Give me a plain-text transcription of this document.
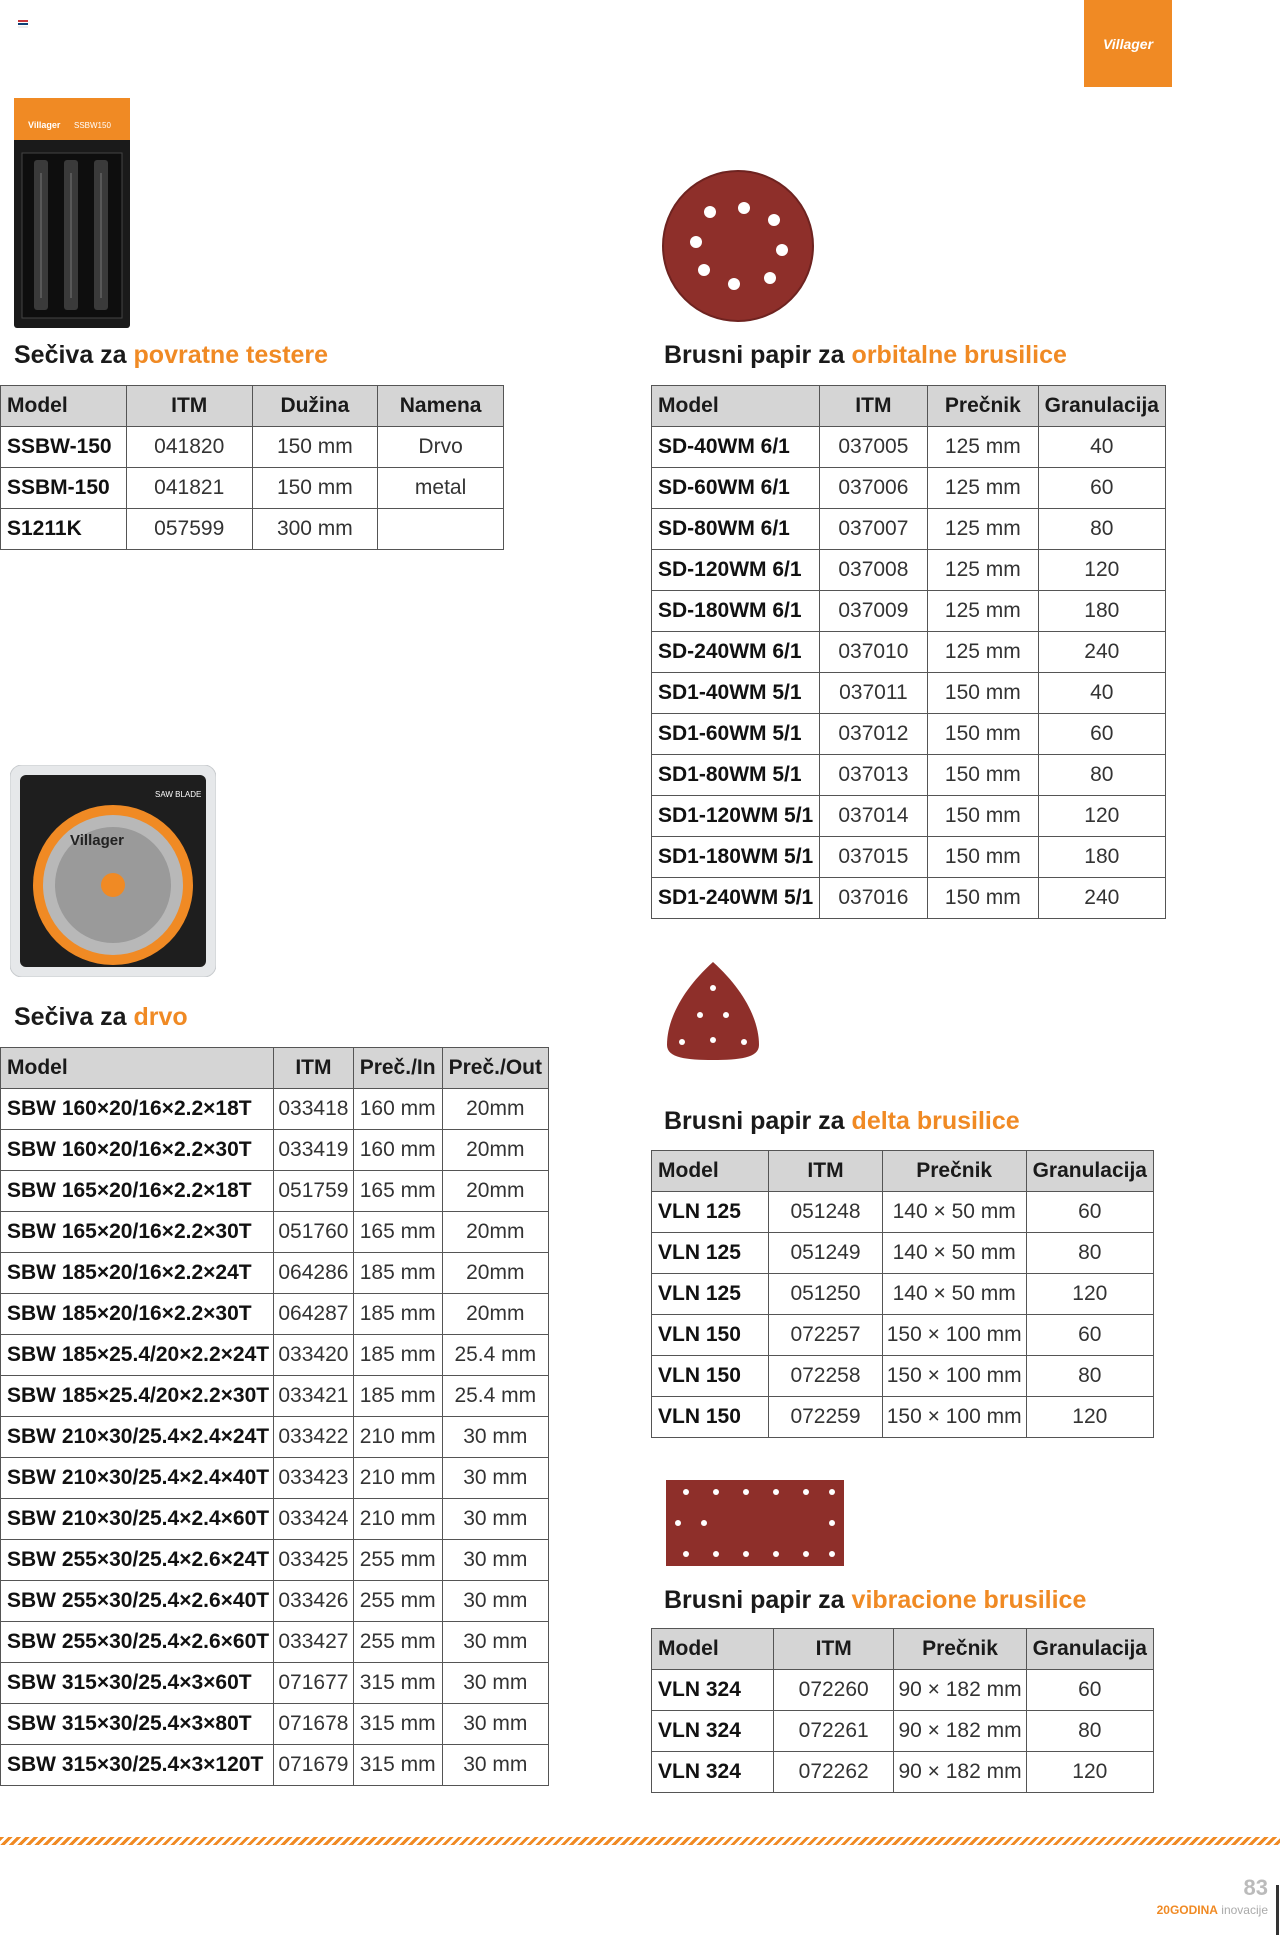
Villager
Villager SSBW150
Villager
SAW BLADE
Sečiva za povratne testere	Brusni papir za orbitalne brusilice
Sečiva za drvo
Brusni papir za delta brusilice
Brusni papir za vibracione brusilice
Model	ITM	Dužina	Namena
SSBW-150	041820	150 mm	Drvo
SSBM-150	041821	150 mm	metal
S1211K	057599	300 mm	
Model	ITM	Prečnik	Granulacija
SD-40WM 6/1	037005	125 mm	40
SD-60WM 6/1	037006	125 mm	60
SD-80WM 6/1	037007	125 mm	80
SD-120WM 6/1	037008	125 mm	120
SD-180WM 6/1	037009	125 mm	180
SD-240WM 6/1	037010	125 mm	240
SD1-40WM 5/1	037011	150 mm	40
SD1-60WM 5/1	037012	150 mm	60
SD1-80WM 5/1	037013	150 mm	80
SD1-120WM 5/1	037014	150 mm	120
SD1-180WM 5/1	037015	150 mm	180
SD1-240WM 5/1	037016	150 mm	240
Model	ITM	Preč./In	Preč./Out
SBW 160×20/16×2.2×18T	033418	160 mm	20mm
SBW 160×20/16×2.2×30T	033419	160 mm	20mm
SBW 165×20/16×2.2×18T	051759	165 mm	20mm
SBW 165×20/16×2.2×30T	051760	165 mm	20mm
SBW 185×20/16×2.2×24T	064286	185 mm	20mm
SBW 185×20/16×2.2×30T	064287	185 mm	20mm
SBW 185×25.4/20×2.2×24T	033420	185 mm	25.4 mm
SBW 185×25.4/20×2.2×30T	033421	185 mm	25.4 mm
SBW 210×30/25.4×2.4×24T	033422	210 mm	30 mm
SBW 210×30/25.4×2.4×40T	033423	210 mm	30 mm
SBW 210×30/25.4×2.4×60T	033424	210 mm	30 mm
SBW 255×30/25.4×2.6×24T	033425	255 mm	30 mm
SBW 255×30/25.4×2.6×40T	033426	255 mm	30 mm
SBW 255×30/25.4×2.6×60T	033427	255 mm	30 mm
SBW 315×30/25.4×3×60T	071677	315 mm	30 mm
SBW 315×30/25.4×3×80T	071678	315 mm	30 mm
SBW 315×30/25.4×3×120T	071679	315 mm	30 mm
Model	ITM	Prečnik	Granulacija
VLN 125	051248	140 × 50 mm	60
VLN 125	051249	140 × 50 mm	80
VLN 125	051250	140 × 50 mm	120
VLN 150	072257	150 × 100 mm	60
VLN 150	072258	150 × 100 mm	80
VLN 150	072259	150 × 100 mm	120
Model	ITM	Prečnik	Granulacija
VLN 324	072260	90 × 182 mm	60
VLN 324	072261	90 × 182 mm	80
VLN 324	072262	90 × 182 mm	120
83
20GODINA inovacije
